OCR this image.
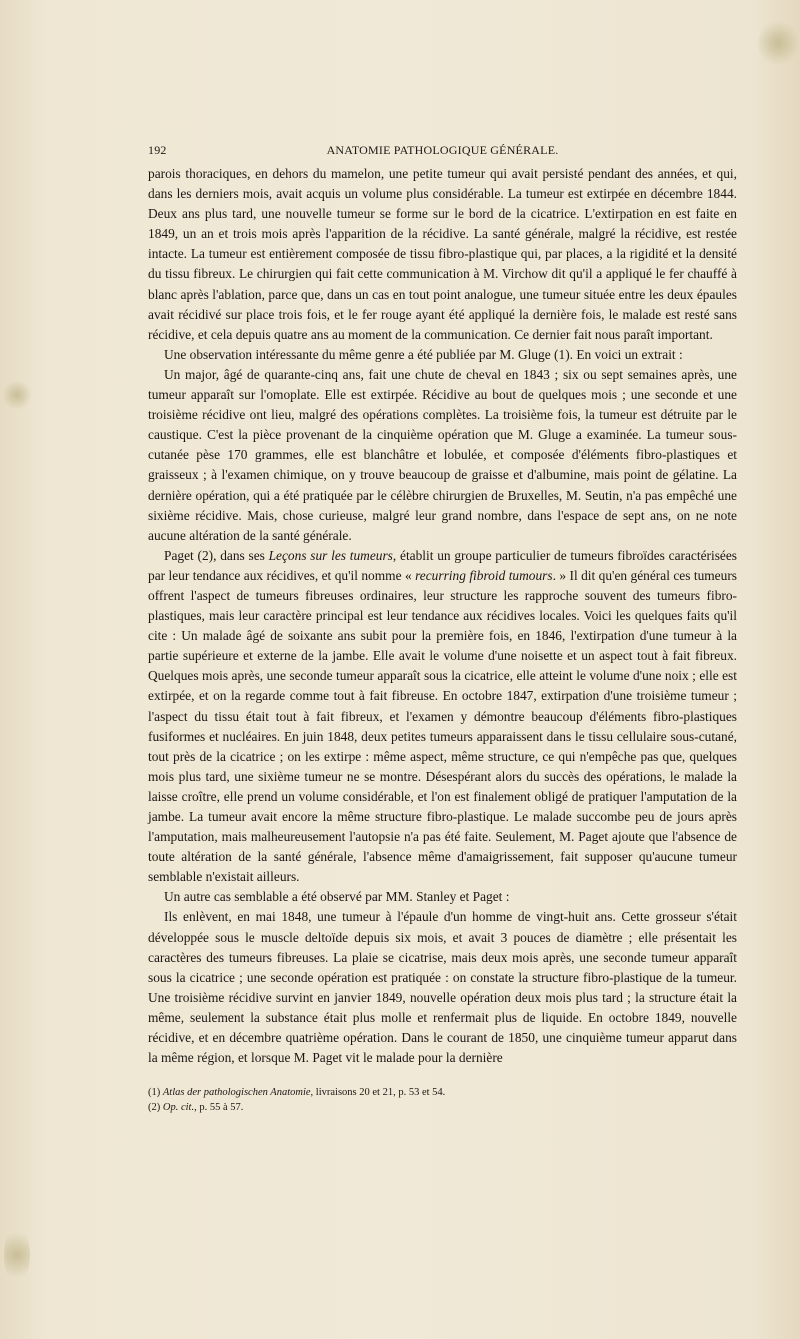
192	ANATOMIE PATHOLOGIQUE GÉNÉRALE.

parois thoraciques, en dehors du mamelon, une petite tumeur qui avait persisté pendant des années, et qui, dans les derniers mois, avait acquis un volume plus considérable. La tumeur est extirpée en décembre 1844. Deux ans plus tard, une nouvelle tumeur se forme sur le bord de la cicatrice. L'extirpation en est faite en 1849, un an et trois mois après l'apparition de la récidive. La santé générale, malgré la récidive, est restée intacte. La tumeur est entièrement composée de tissu fibro-plastique qui, par places, a la rigidité et la densité du tissu fibreux. Le chirurgien qui fait cette communication à M. Virchow dit qu'il a appliqué le fer chauffé à blanc après l'ablation, parce que, dans un cas en tout point analogue, une tumeur située entre les deux épaules avait récidivé sur place trois fois, et le fer rouge ayant été appliqué la dernière fois, le malade est resté sans récidive, et cela depuis quatre ans au moment de la communication. Ce dernier fait nous paraît important.

Une observation intéressante du même genre a été publiée par M. Gluge (1). En voici un extrait :

Un major, âgé de quarante-cinq ans, fait une chute de cheval en 1843 ; six ou sept semaines après, une tumeur apparaît sur l'omoplate. Elle est extirpée. Récidive au bout de quelques mois ; une seconde et une troisième récidive ont lieu, malgré des opérations complètes. La troisième fois, la tumeur est détruite par le caustique. C'est la pièce provenant de la cinquième opération que M. Gluge a examinée. La tumeur sous-cutanée pèse 170 grammes, elle est blanchâtre et lobulée, et composée d'éléments fibro-plastiques et graisseux ; à l'examen chimique, on y trouve beaucoup de graisse et d'albumine, mais point de gélatine. La dernière opération, qui a été pratiquée par le célèbre chirurgien de Bruxelles, M. Seutin, n'a pas empêché une sixième récidive. Mais, chose curieuse, malgré leur grand nombre, dans l'espace de sept ans, on ne note aucune altération de la santé générale.

Paget (2), dans ses Leçons sur les tumeurs, établit un groupe particulier de tumeurs fibroïdes caractérisées par leur tendance aux récidives, et qu'il nomme « recurring fibroid tumours. » Il dit qu'en général ces tumeurs offrent l'aspect de tumeurs fibreuses ordinaires, leur structure les rapproche souvent des tumeurs fibro-plastiques, mais leur caractère principal est leur tendance aux récidives locales. Voici les quelques faits qu'il cite : Un malade âgé de soixante ans subit pour la première fois, en 1846, l'extirpation d'une tumeur à la partie supérieure et externe de la jambe. Elle avait le volume d'une noisette et un aspect tout à fait fibreux. Quelques mois après, une seconde tumeur apparaît sous la cicatrice, elle atteint le volume d'une noix ; elle est extirpée, et on la regarde comme tout à fait fibreuse. En octobre 1847, extirpation d'une troisième tumeur ; l'aspect du tissu était tout à fait fibreux, et l'examen y démontre beaucoup d'éléments fibro-plastiques fusiformes et nucléaires. En juin 1848, deux petites tumeurs apparaissent dans le tissu cellulaire sous-cutané, tout près de la cicatrice ; on les extirpe : même aspect, même structure, ce qui n'empêche pas que, quelques mois plus tard, une sixième tumeur ne se montre. Désespérant alors du succès des opérations, le malade la laisse croître, elle prend un volume considérable, et l'on est finalement obligé de pratiquer l'amputation de la jambe. La tumeur avait encore la même structure fibro-plastique. Le malade succombe peu de jours après l'amputation, mais malheureusement l'autopsie n'a pas été faite. Seulement, M. Paget ajoute que l'absence de toute altération de la santé générale, l'absence même d'amaigrissement, fait supposer qu'aucune tumeur semblable n'existait ailleurs.

Un autre cas semblable a été observé par MM. Stanley et Paget :

Ils enlèvent, en mai 1848, une tumeur à l'épaule d'un homme de vingt-huit ans. Cette grosseur s'était développée sous le muscle deltoïde depuis six mois, et avait 3 pouces de diamètre ; elle présentait les caractères des tumeurs fibreuses. La plaie se cicatrise, mais deux mois après, une seconde tumeur apparaît sous la cicatrice ; une seconde opération est pratiquée : on constate la structure fibro-plastique de la tumeur. Une troisième récidive survint en janvier 1849, nouvelle opération deux mois plus tard ; la structure était la même, seulement la substance était plus molle et renfermait plus de liquide. En octobre 1849, nouvelle récidive, et en décembre quatrième opération. Dans le courant de 1850, une cinquième tumeur apparut dans la même région, et lorsque M. Paget vit le malade pour la dernière

(1) Atlas der pathologischen Anatomie, livraisons 20 et 21, p. 53 et 54.
(2) Op. cit., p. 55 à 57.
